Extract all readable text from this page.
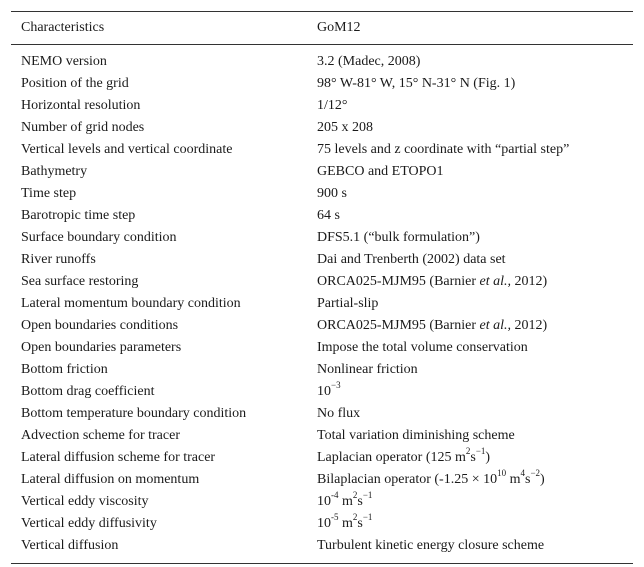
Characteristics	GoM12
NEMO version	3.2 (Madec, 2008)
Position of the grid	98° W-81° W, 15° N-31° N (Fig. 1)
Horizontal resolution	1/12°
Number of grid nodes	205 x 208
Vertical levels and vertical coordinate	75 levels and z coordinate with “partial step”
Bathymetry	GEBCO and ETOPO1
Time step	900 s
Barotropic time step	64 s
Surface boundary condition	DFS5.1 (“bulk formulation”)
River runoffs	Dai and Trenberth (2002) data set
Sea surface restoring	ORCA025-MJM95 (Barnier et al., 2012)
Lateral momentum boundary condition	Partial-slip
Open boundaries conditions	ORCA025-MJM95 (Barnier et al., 2012)
Open boundaries parameters	Impose the total volume conservation
Bottom friction	Nonlinear friction
Bottom drag coefficient	$10^{-3}$
Bottom temperature boundary condition	No flux
Advection scheme for tracer	Total variation diminishing scheme
Lateral diffusion scheme for tracer	Laplacian operator (125 $m^2s^{-1}$)
Lateral diffusion on momentum	Bilaplacian operator ($-1.25 \times 10^{10}$ $m^4s^{-2}$)
Vertical eddy viscosity	$10^{-4}$ $m^2s^{-1}$
Vertical eddy diffusivity	$10^{-5}$ $m^2s^{-1}$
Vertical diffusion	Turbulent kinetic energy closure scheme
